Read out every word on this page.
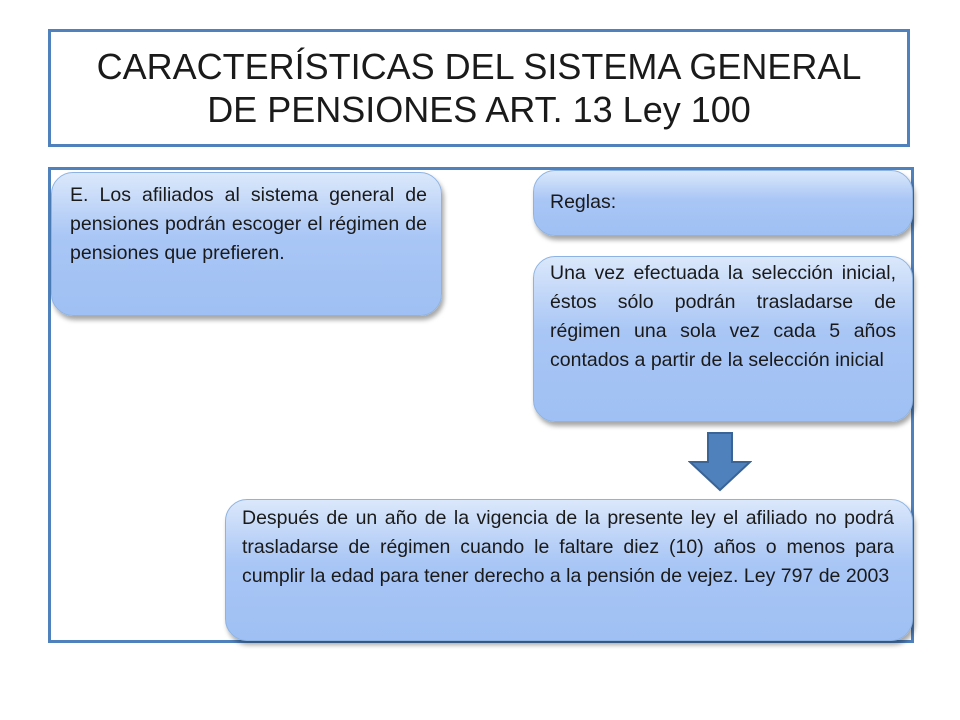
CARACTERÍSTICAS DEL SISTEMA GENERAL DE PENSIONES ART. 13 Ley 100
E. Los afiliados al sistema general de pensiones podrán escoger el régimen de pensiones que prefieren.
Reglas:
Una vez efectuada la selección inicial, éstos sólo podrán trasladarse de régimen una sola vez cada 5 años contados a partir de la selección inicial
Después de un año de la vigencia de la presente ley el afiliado no podrá trasladarse de régimen cuando le faltare diez (10) años o menos para cumplir la edad para tener derecho a la pensión de vejez. Ley 797 de 2003
